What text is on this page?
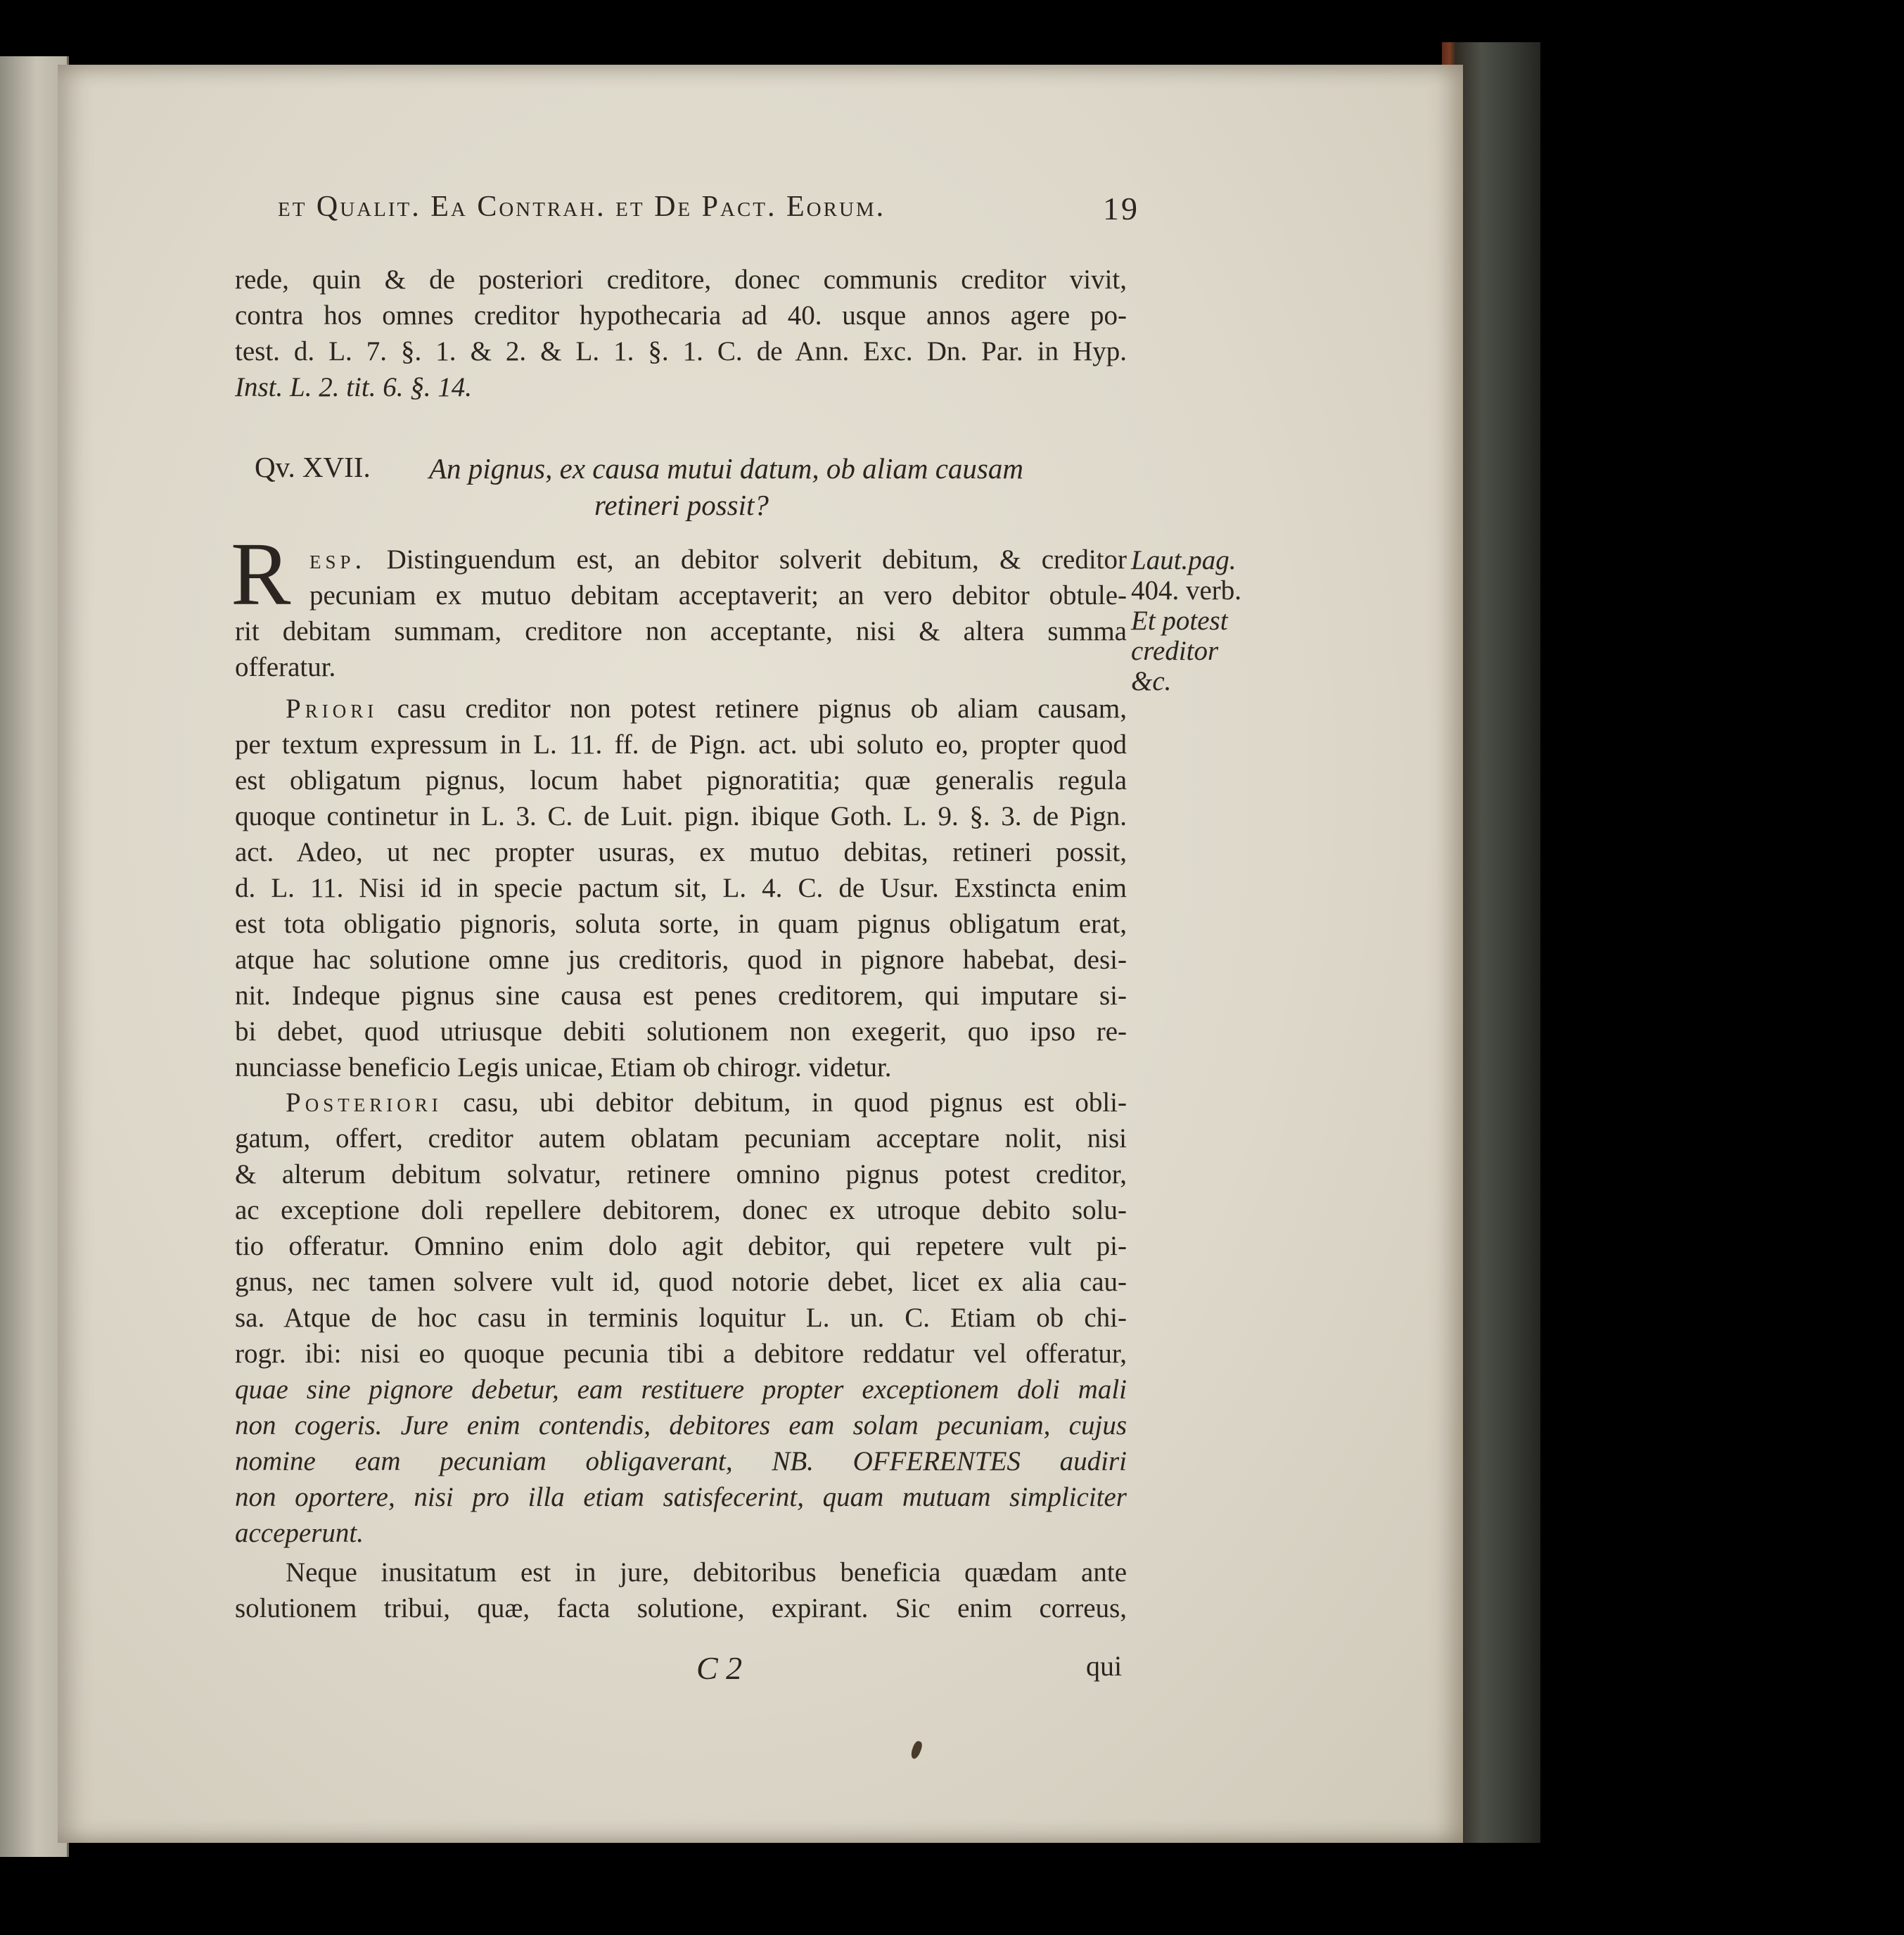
et Qualit. Ea Contrah. et De Pact. Eorum.	19
rede, quin & de posteriori creditore, donec communis creditor vivit,
contra hos omnes creditor hypothecaria ad 40. usque annos agere po-
test. d. L. 7. §. 1. & 2. & L. 1. §. 1. C. de Ann. Exc. Dn. Par. in Hyp.
Inst. L. 2. tit. 6. §. 14.
Qv. XVII. An pignus, ex causa mutui datum, ob aliam causam
retineri possit?
R esp. Distinguendum est, an debitor solverit debitum, & creditor
pecuniam ex mutuo debitam acceptaverit; an vero debitor obtule-
rit debitam summam, creditore non acceptante, nisi & altera summa
offeratur.
Laut.pag.
404. verb.
Et potest
creditor
&c.
Priori casu creditor non potest retinere pignus ob aliam causam,
per textum expressum in L. 11. ff. de Pign. act. ubi soluto eo, propter quod
est obligatum pignus, locum habet pignoratitia; quæ generalis regula
quoque continetur in L. 3. C. de Luit. pign. ibique Goth. L. 9. §. 3. de Pign.
act. Adeo, ut nec propter usuras, ex mutuo debitas, retineri possit,
d. L. 11. Nisi id in specie pactum sit, L. 4. C. de Usur. Exstincta enim
est tota obligatio pignoris, soluta sorte, in quam pignus obligatum erat,
atque hac solutione omne jus creditoris, quod in pignore habebat, desi-
nit. Indeque pignus sine causa est penes creditorem, qui imputare si-
bi debet, quod utriusque debiti solutionem non exegerit, quo ipso re-
nunciasse beneficio Legis unicae, Etiam ob chirogr. videtur.
Posteriori casu, ubi debitor debitum, in quod pignus est obli-
gatum, offert, creditor autem oblatam pecuniam acceptare nolit, nisi
& alterum debitum solvatur, retinere omnino pignus potest creditor,
ac exceptione doli repellere debitorem, donec ex utroque debito solu-
tio offeratur. Omnino enim dolo agit debitor, qui repetere vult pi-
gnus, nec tamen solvere vult id, quod notorie debet, licet ex alia cau-
sa. Atque de hoc casu in terminis loquitur L. un. C. Etiam ob chi-
rogr. ibi: nisi eo quoque pecunia tibi a debitore reddatur vel offeratur,
quae sine pignore debetur, eam restituere propter exceptionem doli mali
non cogeris. Jure enim contendis, debitores eam solam pecuniam, cujus
nomine eam pecuniam obligaverant, NB. OFFERENTES audiri
non oportere, nisi pro illa etiam satisfecerint, quam mutuam simpliciter
acceperunt.
Neque inusitatum est in jure, debitoribus beneficia quædam ante
solutionem tribui, quæ, facta solutione, expirant. Sic enim correus,
C 2	qui
